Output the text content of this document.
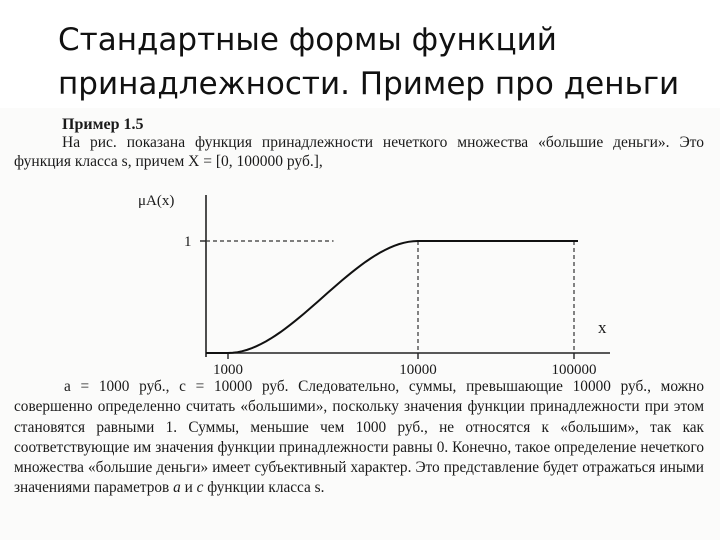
Стандартные формы функций принадлежности. Пример про деньги
Пример 1.5
На рис. показана функция принадлежности нечеткого множества «большие деньги». Это функция класса s, причем X = [0, 100000 руб.],
μA(x)
x
1
1000	10000	100000
a = 1000 руб., c = 10000 руб. Следовательно, суммы, превышающие 10000 руб., можно совершенно определенно считать «большими», поскольку значения функции принадлежности при этом становятся равными 1. Суммы, меньшие чем 1000 руб., не относятся к «большим», так как соответствующие им значения функции принадлежности равны 0. Конечно, такое определение нечеткого множества «большие деньги» имеет субъективный характер. Это представление будет отражаться иными значениями параметров a и c функции класса s.
